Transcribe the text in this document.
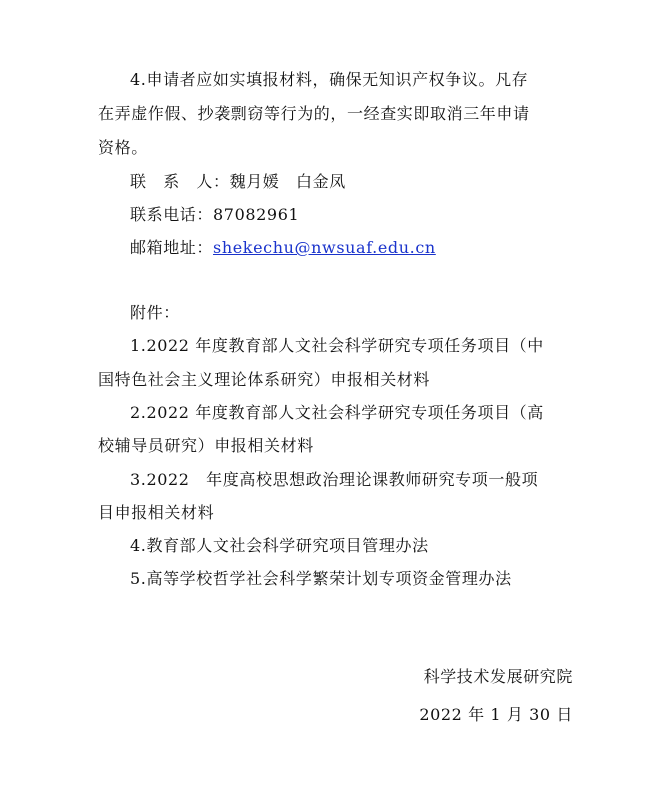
4.申请者应如实填报材料，确保无知识产权争议。凡存
在弄虚作假、抄袭剽窃等行为的，一经查实即取消三年申请
资格。
联　系　人：魏月媛　白金凤
联系电话：87082961
邮箱地址：shekechu@nwsuaf.edu.cn
附件：
1.2022 年度教育部人文社会科学研究专项任务项目（中
国特色社会主义理论体系研究）申报相关材料
2.2022 年度教育部人文社会科学研究专项任务项目（高
校辅导员研究）申报相关材料
3.2022　年度高校思想政治理论课教师研究专项一般项
目申报相关材料
4.教育部人文社会科学研究项目管理办法
5.高等学校哲学社会科学繁荣计划专项资金管理办法
科学技术发展研究院
2022 年 1 月 30 日
